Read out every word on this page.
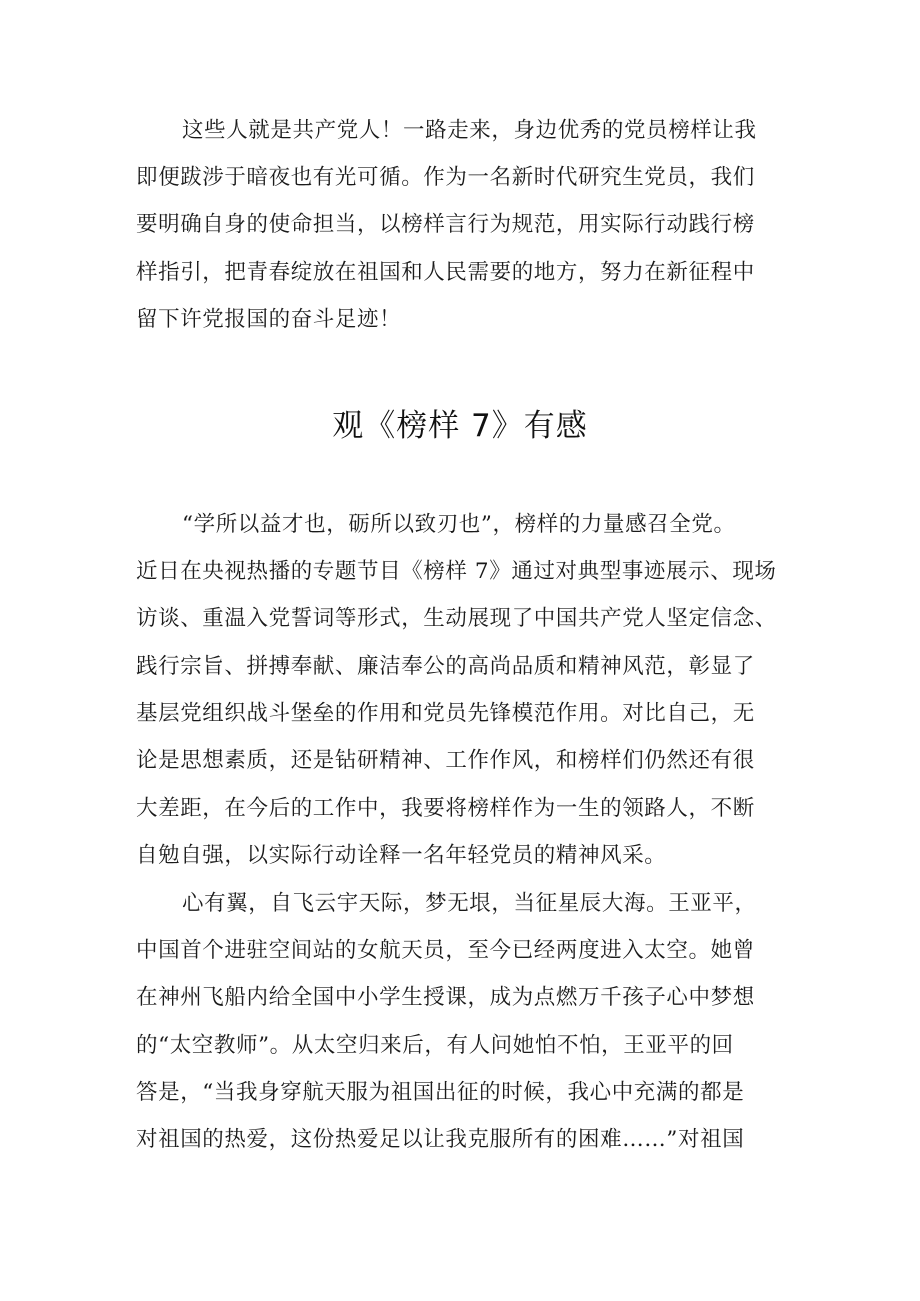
这些人就是共产党人！一路走来，身边优秀的党员榜样让我
即便跋涉于暗夜也有光可循。作为一名新时代研究生党员，我们
要明确自身的使命担当，以榜样言行为规范，用实际行动践行榜
样指引，把青春绽放在祖国和人民需要的地方，努力在新征程中
留下许党报国的奋斗足迹！
观《榜样 7》有感
“学所以益才也，砺所以致刃也”，榜样的力量感召全党。
近日在央视热播的专题节目《榜样 7》通过对典型事迹展示、现场
访谈、重温入党誓词等形式，生动展现了中国共产党人坚定信念、
践行宗旨、拼搏奉献、廉洁奉公的高尚品质和精神风范，彰显了
基层党组织战斗堡垒的作用和党员先锋模范作用。对比自己，无
论是思想素质，还是钻研精神、工作作风，和榜样们仍然还有很
大差距，在今后的工作中，我要将榜样作为一生的领路人，不断
自勉自强，以实际行动诠释一名年轻党员的精神风采。
心有翼，自飞云宇天际，梦无垠，当征星辰大海。王亚平，
中国首个进驻空间站的女航天员，至今已经两度进入太空。她曾
在神州飞船内给全国中小学生授课，成为点燃万千孩子心中梦想
的“太空教师”。从太空归来后，有人问她怕不怕，王亚平的回
答是，“当我身穿航天服为祖国出征的时候，我心中充满的都是
对祖国的热爱，这份热爱足以让我克服所有的困难……”对祖国
